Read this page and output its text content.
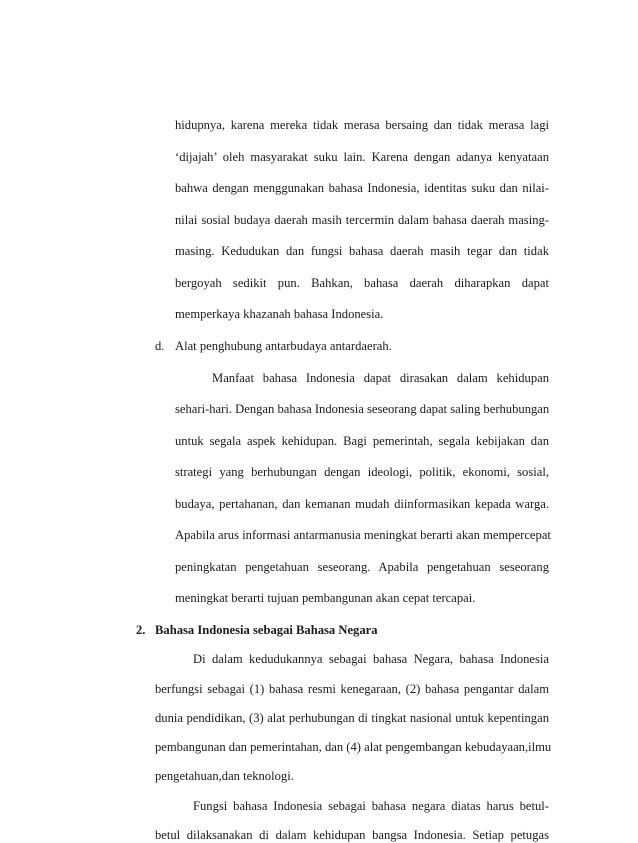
hidupnya, karena mereka tidak merasa bersaing dan tidak merasa lagi
‘dijajah’ oleh masyarakat suku lain. Karena dengan adanya kenyataan
bahwa dengan menggunakan bahasa Indonesia, identitas suku dan nilai-
nilai sosial budaya daerah masih tercermin dalam bahasa daerah masing-
masing. Kedudukan dan fungsi bahasa daerah masih tegar dan tidak
bergoyah sedikit pun. Bahkan, bahasa daerah diharapkan dapat
memperkaya khazanah bahasa Indonesia.
d. Alat penghubung antarbudaya antardaerah.
Manfaat bahasa Indonesia dapat dirasakan dalam kehidupan
sehari-hari. Dengan bahasa Indonesia seseorang dapat saling berhubungan
untuk segala aspek kehidupan. Bagi pemerintah, segala kebijakan dan
strategi yang berhubungan dengan ideologi, politik, ekonomi, sosial,
budaya, pertahanan, dan kemanan mudah diinformasikan kepada warga.
Apabila arus informasi antarmanusia meningkat berarti akan mempercepat
peningkatan pengetahuan seseorang. Apabila pengetahuan seseorang
meningkat berarti tujuan pembangunan akan cepat tercapai.
2. Bahasa Indonesia sebagai Bahasa Negara
Di dalam kedudukannya sebagai bahasa Negara, bahasa Indonesia
berfungsi sebagai (1) bahasa resmi kenegaraan, (2) bahasa pengantar dalam
dunia pendidikan, (3) alat perhubungan di tingkat nasional untuk kepentingan
pembangunan dan pemerintahan, dan (4) alat pengembangan kebudayaan,ilmu
pengetahuan,dan teknologi.
Fungsi bahasa Indonesia sebagai bahasa negara diatas harus betul-
betul dilaksanakan di dalam kehidupan bangsa Indonesia. Setiap petugas
